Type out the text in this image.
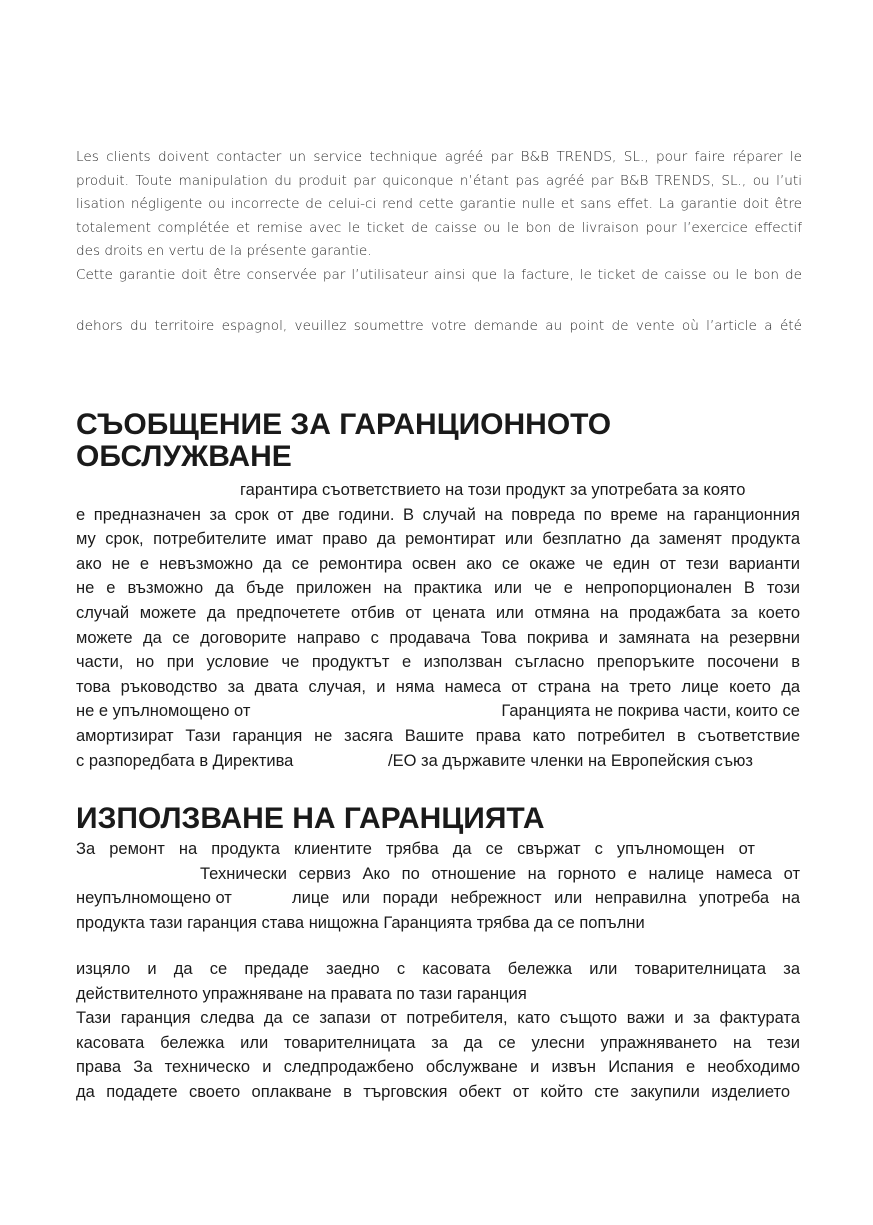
Les clients doivent contacter un service technique agréé par B&B TRENDS, SL., pour faire réparer le
produit. Toute manipulation du produit par quiconque n’étant pas agréé par B&B TRENDS, SL., ou l’uti
lisation négligente ou incorrecte de celui-ci rend cette garantie nulle et sans effet. La garantie doit être
totalement complétée et remise avec le ticket de caisse ou le bon de livraison pour l’exercice effectif
des droits en vertu de la présente garantie.
Cette garantie doit être conservée par l’utilisateur ainsi que la facture, le ticket de caisse ou le bon de
dehors du territoire espagnol, veuillez soumettre votre demande au point de vente où l’article a été
СЪОБЩЕНИЕ ЗА ГАРАНЦИОННОТО
ОБСЛУЖВАНЕ
гарантира съответствието на този продукт за употребата за която
е предназначен за срок от две години. В случай на повреда по време на гаранционния
му срок, потребителите имат право да ремонтират или безплатно да заменят продукта
ако не е невъзможно да се ремонтира освен ако се окаже че един от тези варианти
не е възможно да бъде приложен на практика или че е непропорционален В този
случай можете да предпочетете отбив от цената или отмяна на продажбата за което
можете да се договорите направо с продавача Това покрива и замяната на резервни
части, но при условие че продуктът е използван съгласно препоръките посочени в
това ръководство за двата случая, и няма намеса от страна на трето лице което да
не е упълномощено от	Гаранцията не покрива части, които се
амортизират Тази гаранция не засяга Вашите права като потребител в съответствие
с разпоредбата в Директива	/ЕО за държавите членки на Европейския съюз
ИЗПОЛЗВАНЕ НА ГАРАНЦИЯТА
За ремонт на продукта клиентите трябва да се свържат с упълномощен от
Технически сервиз Ако по отношение на горното е налице намеса от
неупълномощено от	лице или поради небрежност или неправилна употреба на
продукта тази гаранция става нищожна Гаранцията трябва да се попълни
изцяло и да се предаде заедно с касовата бележка или товарителницата за
действителното упражняване на правата по тази гаранция
Тази гаранция следва да се запази от потребителя, като същото важи и за фактурата
касовата бележка или товарителницата за да се улесни упражняването на тези
права За техническо и следпродажбено обслужване и извън Испания е необходимо
да подадете своето оплакване в търговския обект от който сте закупили изделието
